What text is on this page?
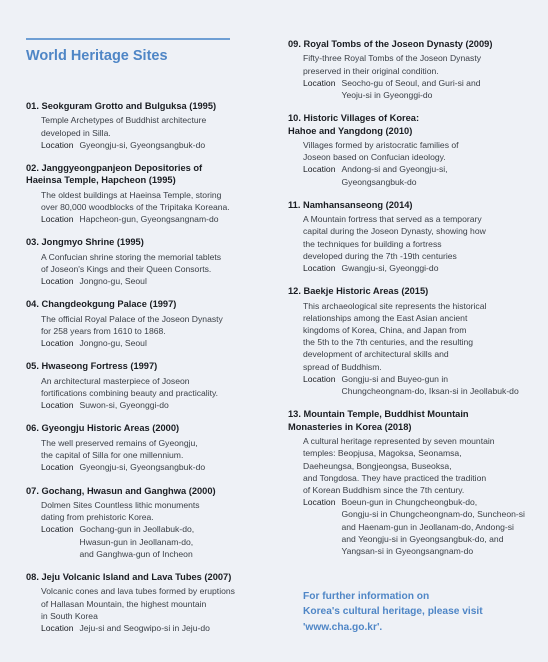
World Heritage Sites
01. Seokguram Grotto and Bulguksa (1995)
Temple Archetypes of Buddhist architecture
developed in Silla.
Location Gyeongju-si, Gyeongsangbuk-do
02. Janggyeongpanjeon Depositories of
Haeinsa Temple, Hapcheon (1995)
The oldest buildings at Haeinsa Temple, storing
over 80,000 woodblocks of the Tripitaka Koreana.
Location Hapcheon-gun, Gyeongsangnam-do
03. Jongmyo Shrine (1995)
A Confucian shrine storing the memorial tablets
of Joseon's Kings and their Queen Consorts.
Location Jongno-gu, Seoul
04. Changdeokgung Palace (1997)
The official Royal Palace of the Joseon Dynasty
for 258 years from 1610 to 1868.
Location Jongno-gu, Seoul
05. Hwaseong Fortress (1997)
An architectural masterpiece of Joseon
fortifications combining beauty and practicality.
Location Suwon-si, Gyeonggi-do
06. Gyeongju Historic Areas (2000)
The well preserved remains of Gyeongju,
the capital of Silla for one millennium.
Location Gyeongju-si, Gyeongsangbuk-do
07. Gochang, Hwasun and Ganghwa (2000)
Dolmen Sites Countless lithic monuments
dating from prehistoric Korea.
Location Gochang-gun in Jeollabuk-do,
Hwasun-gun in Jeollanam-do,
and Ganghwa-gun of Incheon
08. Jeju Volcanic Island and Lava Tubes (2007)
Volcanic cones and lava tubes formed by eruptions
of Hallasan Mountain, the highest mountain
in South Korea
Location Jeju-si and Seogwipo-si in Jeju-do
09. Royal Tombs of the Joseon Dynasty (2009)
Fifty-three Royal Tombs of the Joseon Dynasty
preserved in their original condition.
Location Seocho-gu of Seoul, and Guri-si and
Yeoju-si in Gyeonggi-do
10. Historic Villages of Korea:
Hahoe and Yangdong (2010)
Villages formed by aristocratic families of
Joseon based on Confucian ideology.
Location Andong-si and Gyeongju-si,
Gyeongsangbuk-do
11. Namhansanseong (2014)
A Mountain fortress that served as a temporary
capital during the Joseon Dynasty, showing how
the techniques for building a fortress
developed during the 7th -19th centuries
Location Gwangju-si, Gyeonggi-do
12. Baekje Historic Areas (2015)
This archaeological site represents the historical
relationships among the East Asian ancient
kingdoms of Korea, China, and Japan from
the 5th to the 7th centuries, and the resulting
development of architectural skills and
spread of Buddhism.
Location Gongju-si and Buyeo-gun in
Chungcheongnam-do, Iksan-si in Jeollabuk-do
13. Mountain Temple, Buddhist Mountain
Monasteries in Korea (2018)
A cultural heritage represented by seven mountain
temples: Beopjusa, Magoksa, Seonamsa,
Daeheungsa, Bongjeongsa, Buseoksa,
and Tongdosa. They have practiced the tradition
of Korean Buddhism since the 7th century.
Location Boeun-gun in Chungcheongbuk-do,
Gongju-si in Chungcheongnam-do, Suncheon-si
and Haenam-gun in Jeollanam-do, Andong-si
and Yeongju-si in Gyeongsangbuk-do, and
Yangsan-si in Gyeongsangnam-do
For further information on
Korea's cultural heritage, please visit
'www.cha.go.kr'.
